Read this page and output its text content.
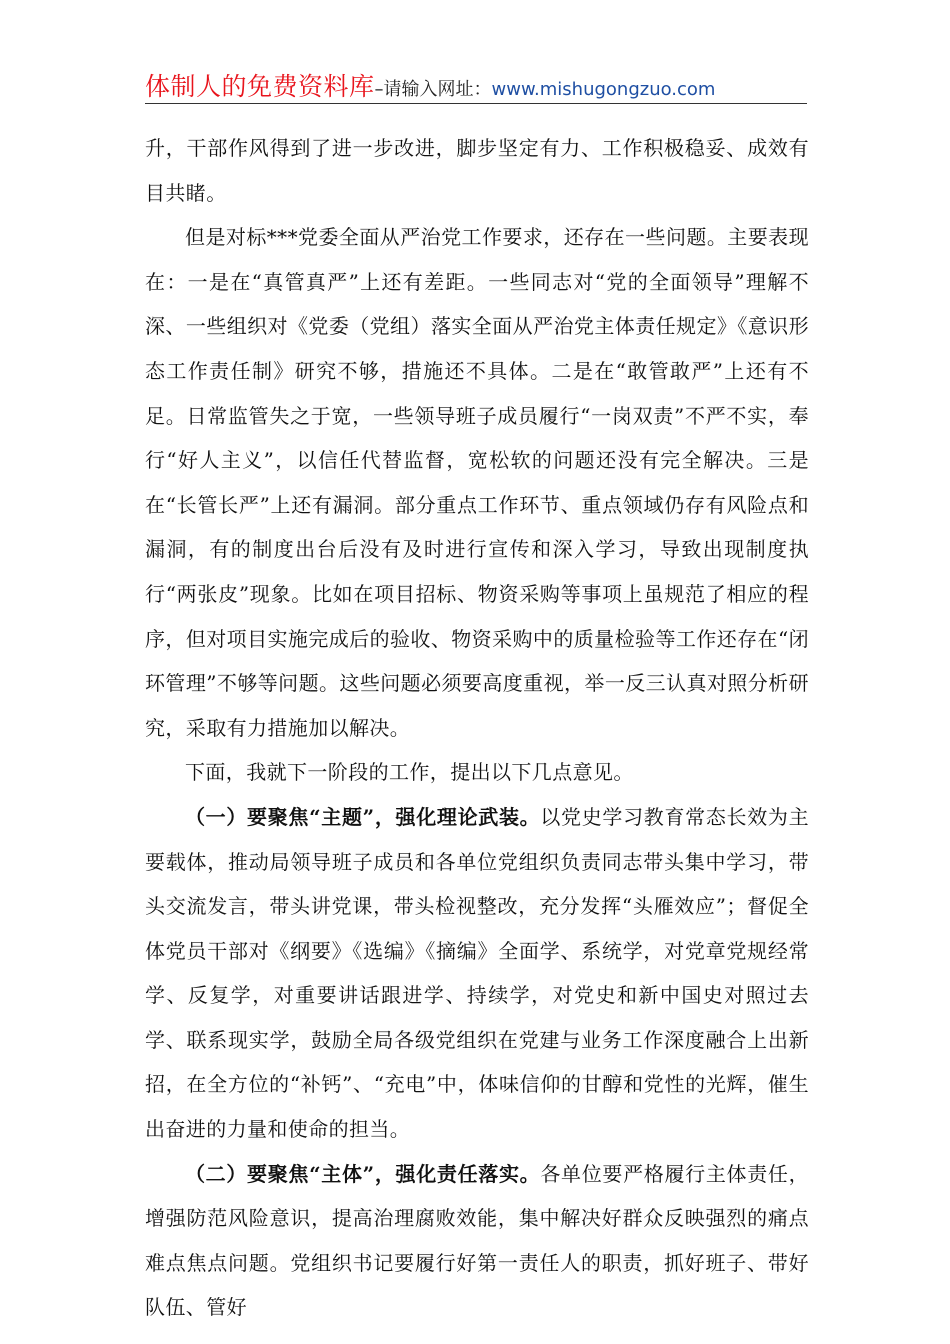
体制人的免费资料库–请输入网址：www.mishugongzuo.com

升，干部作风得到了进一步改进，脚步坚定有力、工作积极稳妥、成效有目共睹。

但是对标***党委全面从严治党工作要求，还存在一些问题。主要表现在：一是在“真管真严”上还有差距。一些同志对“党的全面领导”理解不深、一些组织对《党委（党组）落实全面从严治党主体责任规定》《意识形态工作责任制》研究不够，措施还不具体。二是在“敢管敢严”上还有不足。日常监管失之于宽，一些领导班子成员履行“一岗双责”不严不实，奉行“好人主义”，以信任代替监督，宽松软的问题还没有完全解决。三是在“长管长严”上还有漏洞。部分重点工作环节、重点领域仍存有风险点和漏洞，有的制度出台后没有及时进行宣传和深入学习，导致出现制度执行“两张皮”现象。比如在项目招标、物资采购等事项上虽规范了相应的程序，但对项目实施完成后的验收、物资采购中的质量检验等工作还存在“闭环管理”不够等问题。这些问题必须要高度重视，举一反三认真对照分析研究，采取有力措施加以解决。

下面，我就下一阶段的工作，提出以下几点意见。

（一）要聚焦“主题”，强化理论武装。以党史学习教育常态长效为主要载体，推动局领导班子成员和各单位党组织负责同志带头集中学习，带头交流发言，带头讲党课，带头检视整改，充分发挥“头雁效应”；督促全体党员干部对《纲要》《选编》《摘编》全面学、系统学，对党章党规经常学、反复学，对重要讲话跟进学、持续学，对党史和新中国史对照过去学、联系现实学，鼓励全局各级党组织在党建与业务工作深度融合上出新招，在全方位的“补钙”、“充电”中，体味信仰的甘醇和党性的光辉，催生出奋进的力量和使命的担当。

（二）要聚焦“主体”，强化责任落实。各单位要严格履行主体责任，增强防范风险意识，提高治理腐败效能，集中解决好群众反映强烈的痛点难点焦点问题。党组织书记要履行好第一责任人的职责，抓好班子、带好队伍、管好
